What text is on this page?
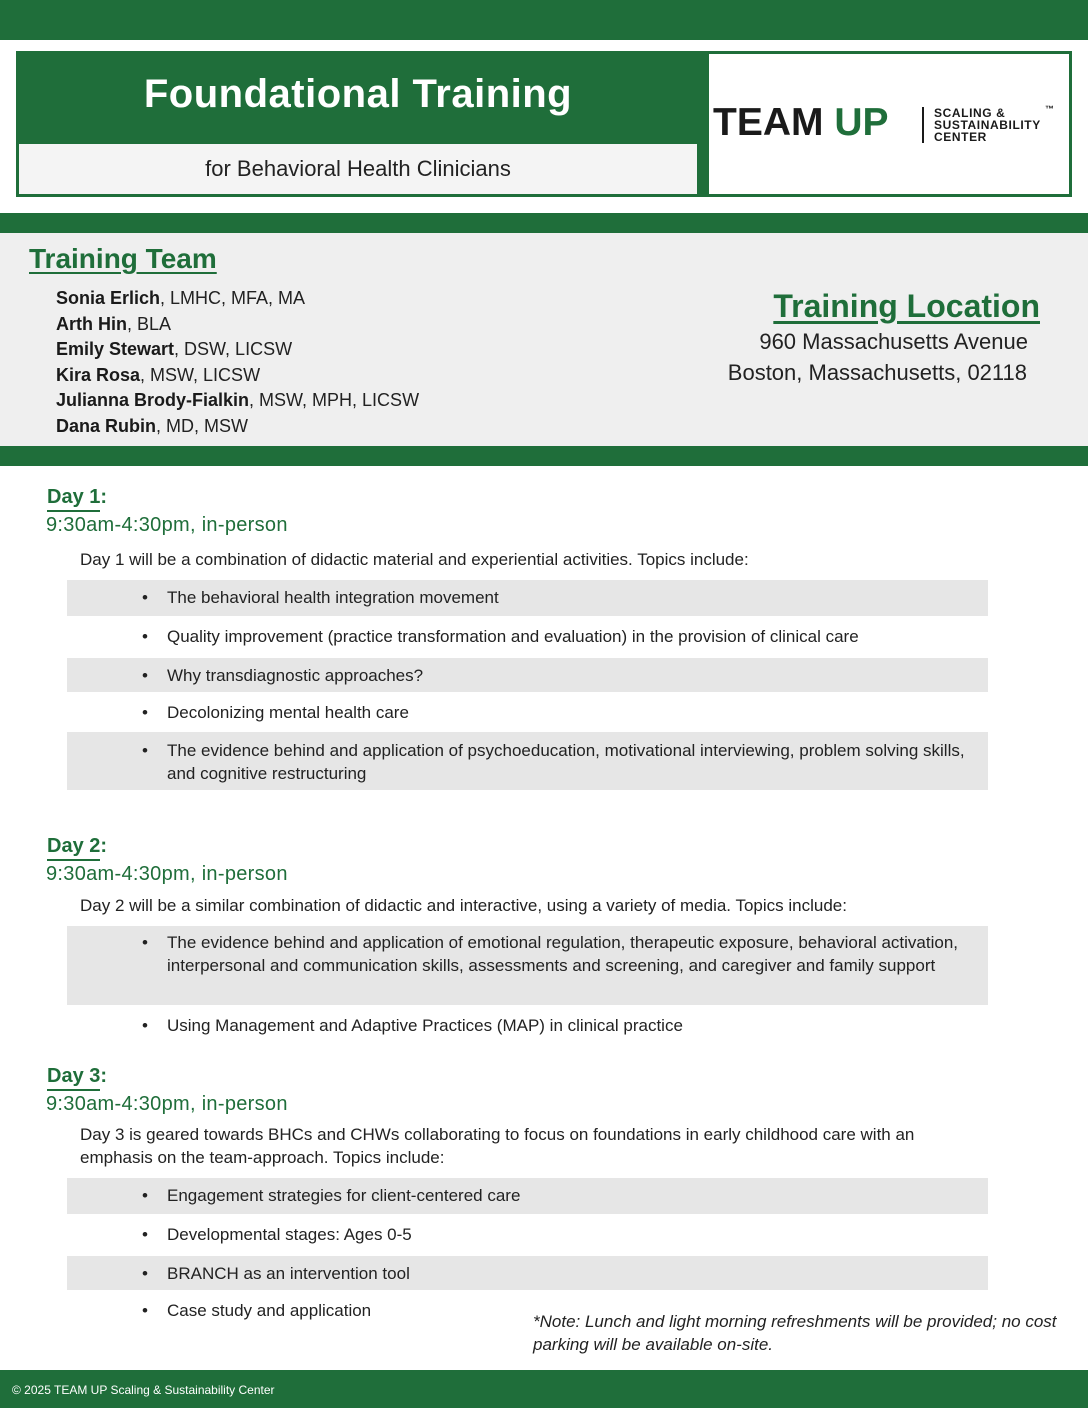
Foundational Training
for Behavioral Health Clinicians
TEAM UP	SCALING &
SUSTAINABILITY
CENTER
™
Training Team
Sonia Erlich, LMHC, MFA, MA
Arth Hin, BLA
Emily Stewart, DSW, LICSW
Kira Rosa, MSW, LICSW
Julianna Brody-Fialkin, MSW, MPH, LICSW
Dana Rubin, MD, MSW
Training Location
960 Massachusetts Avenue
Boston, Massachusetts, 02118
Day 1:
9:30am-4:30pm, in-person
Day 1 will be a combination of didactic material and experiential activities. Topics include:
• The behavioral health integration movement
• Quality improvement (practice transformation and evaluation) in the provision of clinical care
• Why transdiagnostic approaches?
• Decolonizing mental health care
• The evidence behind and application of psychoeducation, motivational interviewing, problem solving skills, and cognitive restructuring
Day 2:
9:30am-4:30pm, in-person
Day 2 will be a similar combination of didactic and interactive, using a variety of media. Topics include:
• The evidence behind and application of emotional regulation, therapeutic exposure, behavioral activation, interpersonal and communication skills, assessments and screening, and caregiver and family support
• Using Management and Adaptive Practices (MAP) in clinical practice
Day 3:
9:30am-4:30pm, in-person
Day 3 is geared towards BHCs and CHWs collaborating to focus on foundations in early childhood care with an emphasis on the team-approach. Topics include:
• Engagement strategies for client-centered care
• Developmental stages: Ages 0-5
• BRANCH as an intervention tool
• Case study and application
*Note: Lunch and light morning refreshments will be provided; no cost parking will be available on-site.
© 2025 TEAM UP Scaling & Sustainability Center
